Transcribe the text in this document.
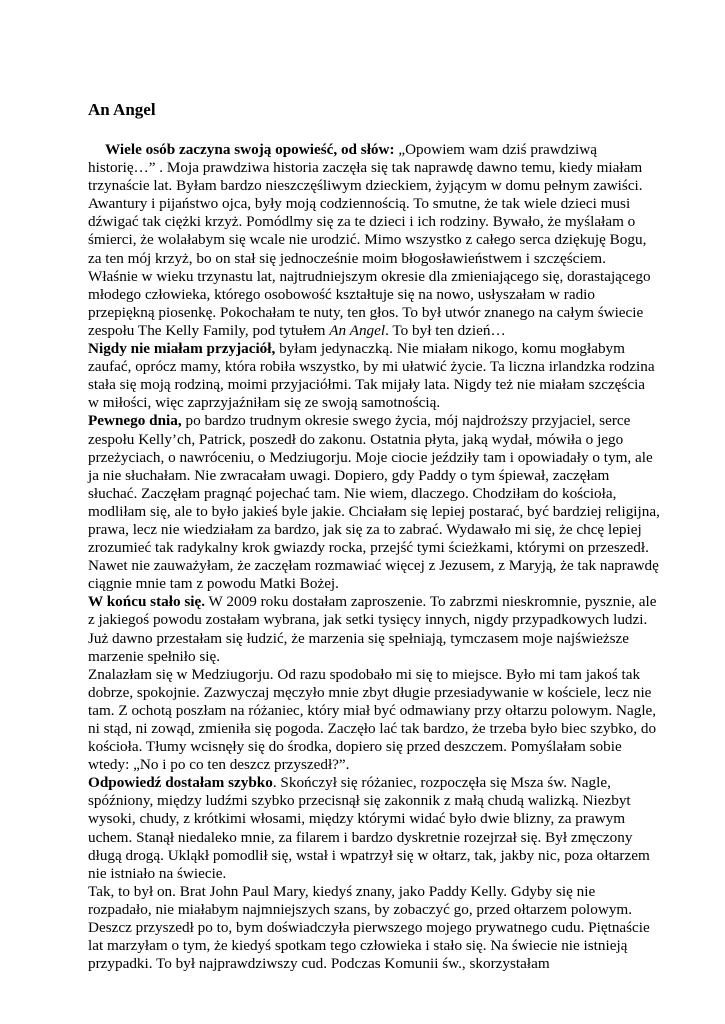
An Angel
Wiele osób zaczyna swoją opowieść, od słów: „Opowiem wam dziś prawdziwą
historię…” . Moja prawdziwa historia zaczęła się tak naprawdę dawno temu, kiedy miałam
trzynaście lat. Byłam bardzo nieszczęśliwym dzieckiem, żyjącym w domu pełnym zawiści.
Awantury i pijaństwo ojca, były moją codziennością. To smutne, że tak wiele dzieci musi
dźwigać tak ciężki krzyż. Pomódlmy się za te dzieci i ich rodziny. Bywało, że myślałam o
śmierci, że wolałabym się wcale nie urodzić. Mimo wszystko z całego serca dziękuję Bogu,
za ten mój krzyż, bo on stał się jednocześnie moim błogosławieństwem i szczęściem.
Właśnie w wieku trzynastu lat, najtrudniejszym okresie dla zmieniającego się, dorastającego
młodego człowieka, którego osobowość kształtuje się na nowo, usłyszałam w radio
przepiękną piosenkę. Pokochałam te nuty, ten głos. To był utwór znanego na całym świecie
zespołu The Kelly Family, pod tytułem An Angel. To był ten dzień…
Nigdy nie miałam przyjaciół, byłam jedynaczką. Nie miałam nikogo, komu mogłabym
zaufać, oprócz mamy, która robiła wszystko, by mi ułatwić życie. Ta liczna irlandzka rodzina
stała się moją rodziną, moimi przyjaciółmi. Tak mijały lata. Nigdy też nie miałam szczęścia
w miłości, więc zaprzyjaźniłam się ze swoją samotnością.
Pewnego dnia, po bardzo trudnym okresie swego życia, mój najdroższy przyjaciel, serce
zespołu Kelly’ch, Patrick, poszedł do zakonu. Ostatnia płyta, jaką wydał, mówiła o jego
przeżyciach, o nawróceniu, o Medziugorju. Moje ciocie jeździły tam i opowiadały o tym, ale
ja nie słuchałam. Nie zwracałam uwagi. Dopiero, gdy Paddy o tym śpiewał, zaczęłam
słuchać. Zaczęłam pragnąć pojechać tam. Nie wiem, dlaczego. Chodziłam do kościoła,
modliłam się, ale to było jakieś byle jakie. Chciałam się lepiej postarać, być bardziej religijna,
prawa, lecz nie wiedziałam za bardzo, jak się za to zabrać. Wydawało mi się, że chcę lepiej
zrozumieć tak radykalny krok gwiazdy rocka, przejść tymi ścieżkami, którymi on przeszedł.
Nawet nie zauważyłam, że zaczęłam rozmawiać więcej z Jezusem, z Maryją, że tak naprawdę
ciągnie mnie tam z powodu Matki Bożej.
W końcu stało się. W 2009 roku dostałam zaproszenie. To zabrzmi nieskromnie, pysznie, ale
z jakiegoś powodu zostałam wybrana, jak setki tysięcy innych, nigdy przypadkowych ludzi.
Już dawno przestałam się łudzić, że marzenia się spełniają, tymczasem moje najświeższe
marzenie spełniło się.
Znalazłam się w Medziugorju. Od razu spodobało mi się to miejsce. Było mi tam jakoś tak
dobrze, spokojnie. Zazwyczaj męczyło mnie zbyt długie przesiadywanie w kościele, lecz nie
tam. Z ochotą poszłam na różaniec, który miał być odmawiany przy ołtarzu polowym. Nagle,
ni stąd, ni zowąd, zmieniła się pogoda. Zaczęło lać tak bardzo, że trzeba było biec szybko, do
kościoła. Tłumy wcisnęły się do środka, dopiero się przed deszczem. Pomyślałam sobie
wtedy: „No i po co ten deszcz przyszedł?”.
Odpowiedź dostałam szybko. Skończył się różaniec, rozpoczęła się Msza św. Nagle,
spóźniony, między ludźmi szybko przecisnął się zakonnik z małą chudą walizką. Niezbyt
wysoki, chudy, z krótkimi włosami, między którymi widać było dwie blizny, za prawym
uchem. Stanął niedaleko mnie, za filarem i bardzo dyskretnie rozejrzał się. Był zmęczony
długą drogą. Ukląkł pomodlił się, wstał i wpatrzył się w ołtarz, tak, jakby nic, poza ołtarzem
nie istniało na świecie.
Tak, to był on. Brat John Paul Mary, kiedyś znany, jako Paddy Kelly. Gdyby się nie
rozpadało, nie miałabym najmniejszych szans, by zobaczyć go, przed ołtarzem polowym.
Deszcz przyszedł po to, bym doświadczyła pierwszego mojego prywatnego cudu. Piętnaście
lat marzyłam o tym, że kiedyś spotkam tego człowieka i stało się. Na świecie nie istnieją
przypadki. To był najprawdziwszy cud. Podczas Komunii św., skorzystałam
